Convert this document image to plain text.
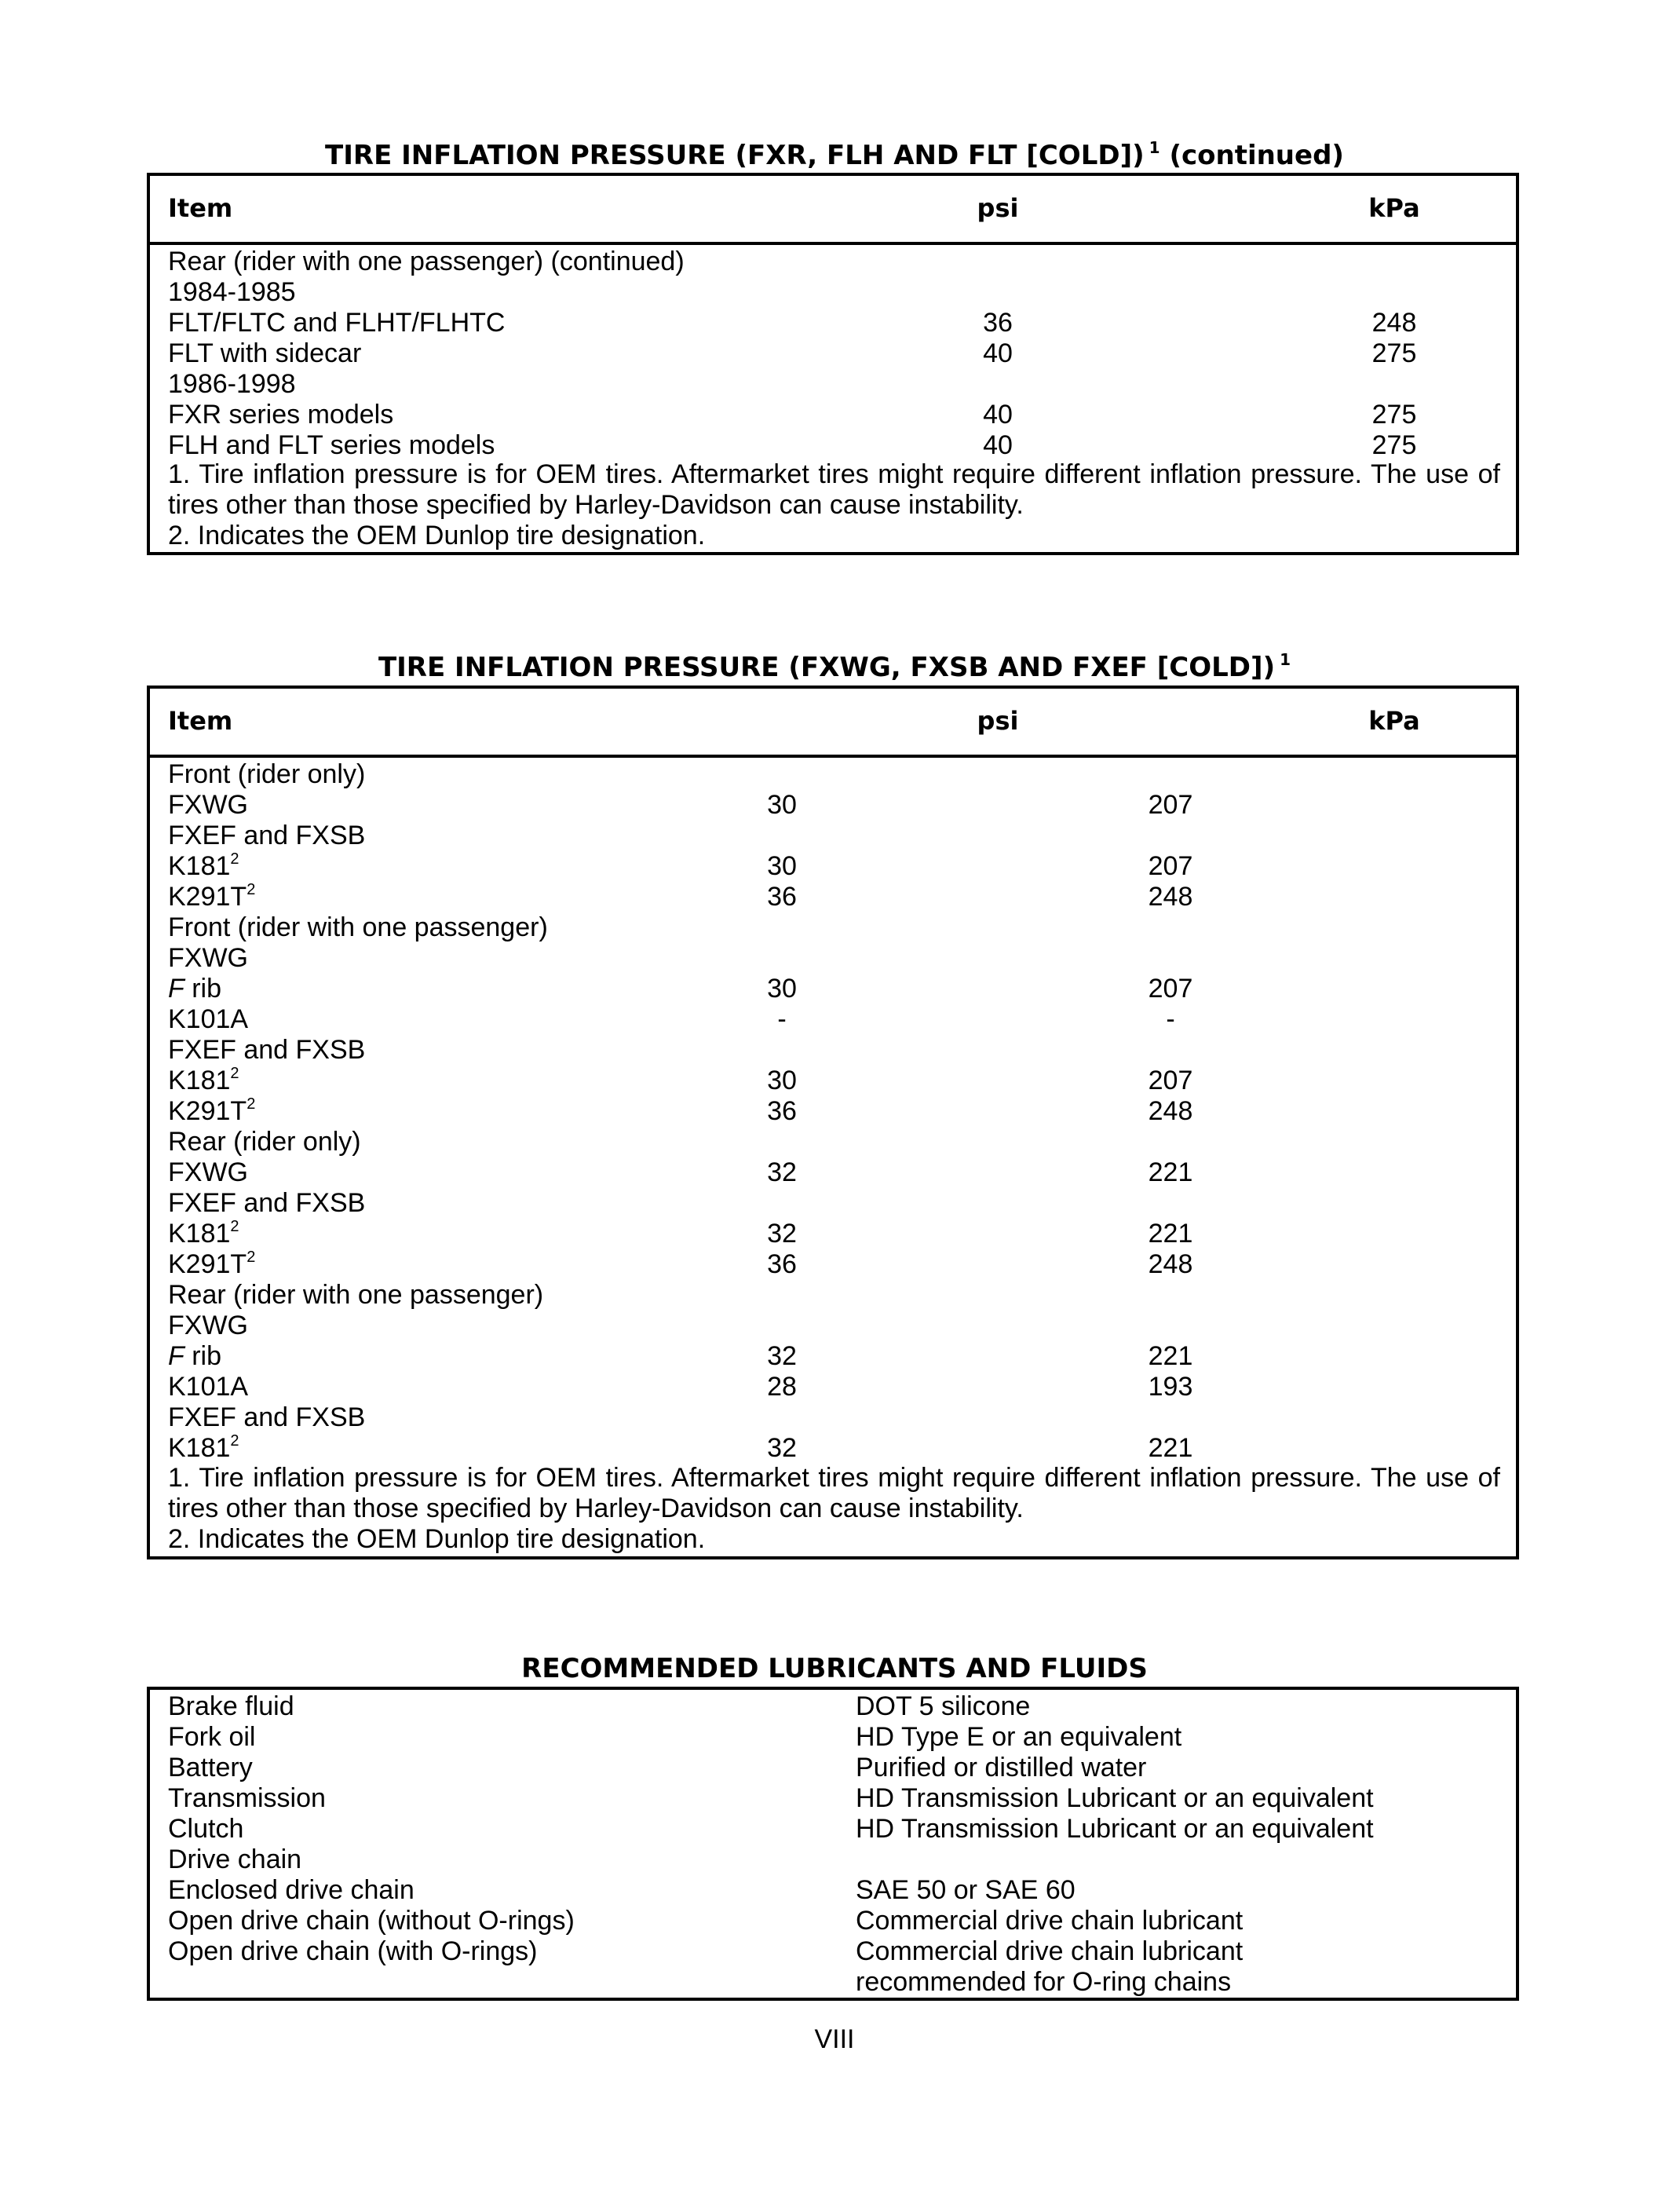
TIRE INFLATION PRESSURE (FXR, FLH AND FLT [COLD]) $^1$ (continued)
Item	psi	kPa
Rear (rider with one passenger) (continued)
1984-1985
FLT/FLTC and FLHT/FLHTC	36	248
FLT with sidecar	40	275
1986-1998
FXR series models	40	275
FLH and FLT series models	40	275
1. Tire inflation pressure is for OEM tires. Aftermarket tires might require different inflation pressure. The use of tires other than those specified by Harley-Davidson can cause instability.
2. Indicates the OEM Dunlop tire designation.
TIRE INFLATION PRESSURE (FXWG, FXSB AND FXEF [COLD]) $^1$
Item	psi	kPa
Front (rider only)
FXWG	30	207
FXEF and FXSB
$K181^2$	30	207
$K291T^2$	36	248
Front (rider with one passenger)
FXWG
F rib	30	207
K101A	-	-
FXEF and FXSB
$K181^2$	30	207
$K291T^2$	36	248
Rear (rider only)
FXWG	32	221
FXEF and FXSB
$K181^2$	32	221
$K291T^2$	36	248
Rear (rider with one passenger)
FXWG
F rib	32	221
K101A	28	193
FXEF and FXSB
$K181^2$	32	221
1. Tire inflation pressure is for OEM tires. Aftermarket tires might require different inflation pressure. The use of tires other than those specified by Harley-Davidson can cause instability.
2. Indicates the OEM Dunlop tire designation.
RECOMMENDED LUBRICANTS AND FLUIDS
Brake fluid	DOT 5 silicone
Fork oil	HD Type E or an equivalent
Battery	Purified or distilled water
Transmission	HD Transmission Lubricant or an equivalent
Clutch	HD Transmission Lubricant or an equivalent
Drive chain
Enclosed drive chain	SAE 50 or SAE 60
Open drive chain (without O-rings)	Commercial drive chain lubricant
Open drive chain (with O-rings)	Commercial drive chain lubricant
recommended for O-ring chains
VIII
